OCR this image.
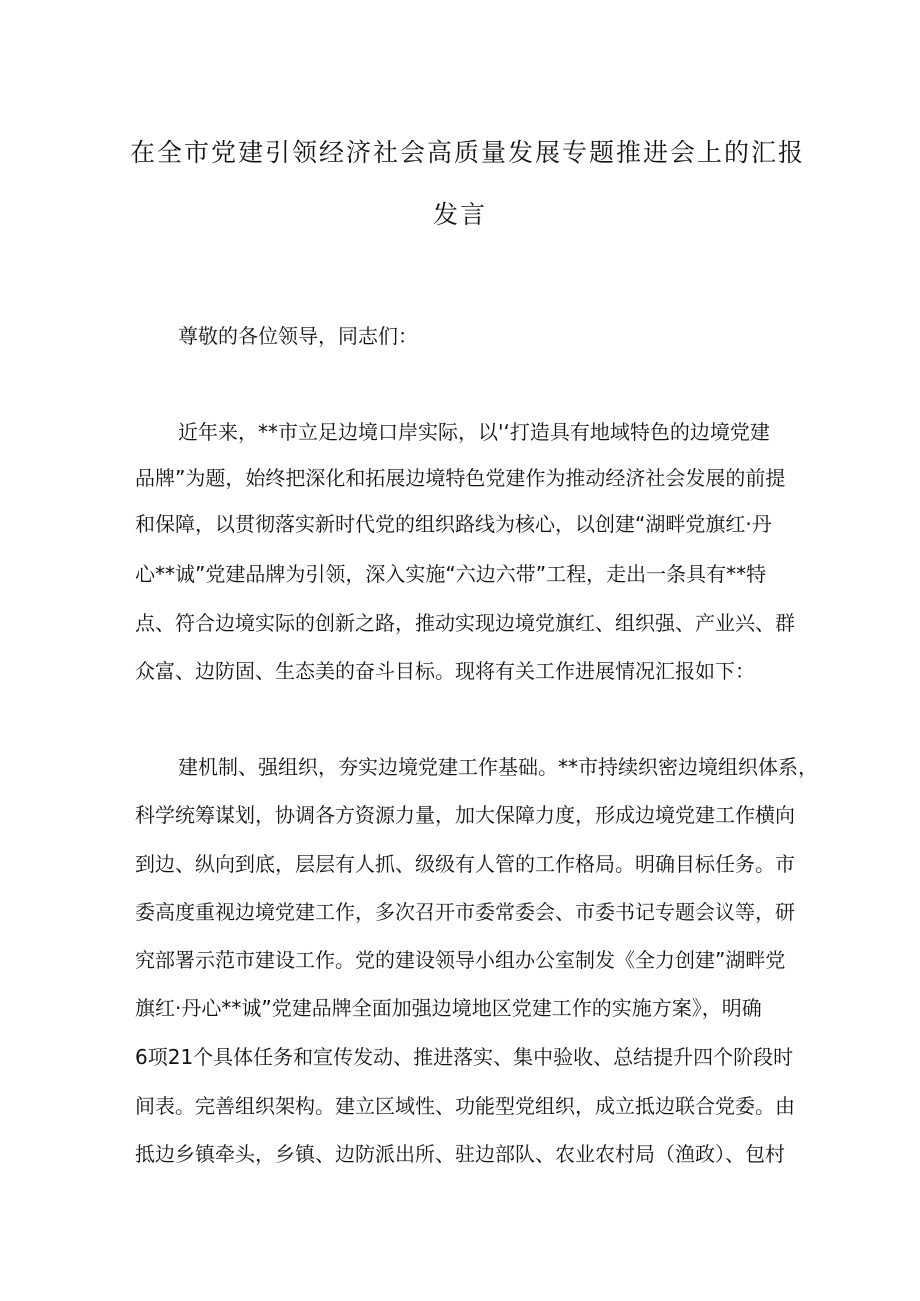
在全市党建引领经济社会高质量发展专题推进会上的汇报
发言
尊敬的各位领导，同志们：
近年来，**市立足边境口岸实际，以'‘打造具有地域特色的边境党建
品牌”为题，始终把深化和拓展边境特色党建作为推动经济社会发展的前提
和保障，以贯彻落实新时代党的组织路线为核心，以创建“湖畔党旗红·丹
心**诚”党建品牌为引领，深入实施“六边六带”工程，走出一条具有**特
点、符合边境实际的创新之路，推动实现边境党旗红、组织强、产业兴、群
众富、边防固、生态美的奋斗目标。现将有关工作进展情况汇报如下：
建机制、强组织，夯实边境党建工作基础。**市持续织密边境组织体系，
科学统筹谋划，协调各方资源力量，加大保障力度，形成边境党建工作横向
到边、纵向到底，层层有人抓、级级有人管的工作格局。明确目标任务。市
委高度重视边境党建工作，多次召开市委常委会、市委书记专题会议等，研
究部署示范市建设工作。党的建设领导小组办公室制发《全力创建”湖畔党
旗红·丹心**诚”党建品牌全面加强边境地区党建工作的实施方案》，明确
6项21个具体任务和宣传发动、推进落实、集中验收、总结提升四个阶段时
间表。完善组织架构。建立区域性、功能型党组织，成立抵边联合党委。由
抵边乡镇牵头，乡镇、边防派出所、驻边部队、农业农村局（渔政）、包村
